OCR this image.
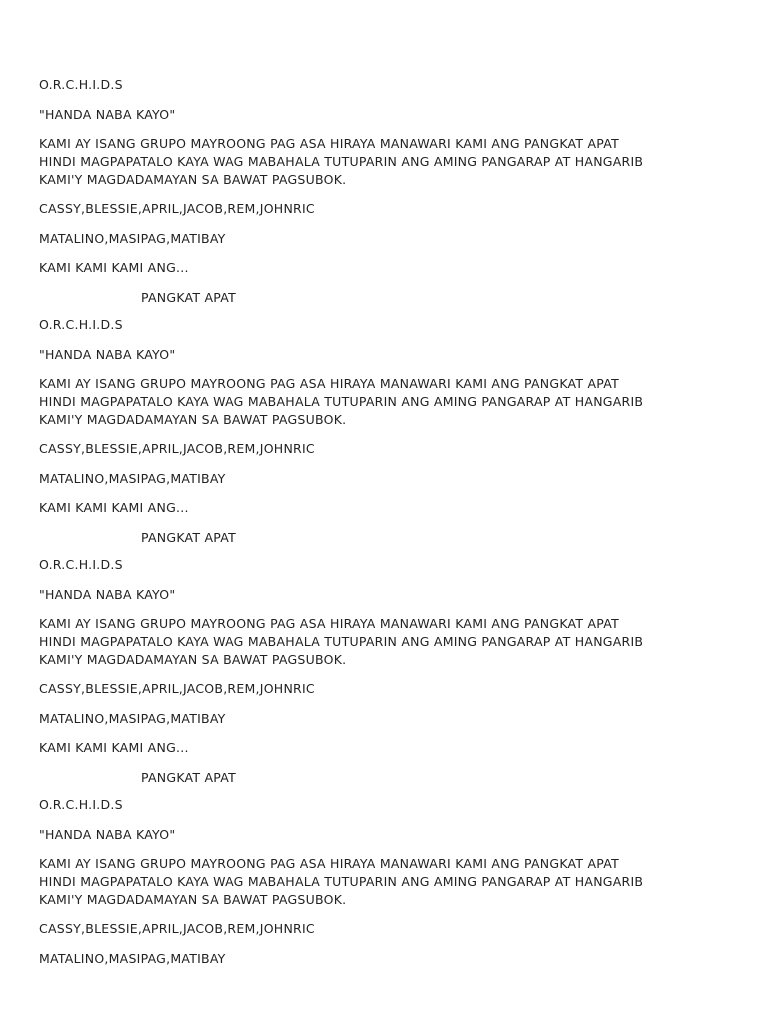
O.R.C.H.I.D.S

"HANDA NABA KAYO"

KAMI AY ISANG GRUPO MAYROONG PAG ASA HIRAYA MANAWARI KAMI ANG PANGKAT APAT
HINDI MAGPAPATALO KAYA WAG MABAHALA TUTUPARIN ANG AMING PANGARAP AT HANGARIB
KAMI'Y MAGDADAMAYAN SA BAWAT PAGSUBOK.

CASSY,BLESSIE,APRIL,JACOB,REM,JOHNRIC

MATALINO,MASIPAG,MATIBAY

KAMI KAMI KAMI ANG...

PANGKAT APAT

O.R.C.H.I.D.S

"HANDA NABA KAYO"

KAMI AY ISANG GRUPO MAYROONG PAG ASA HIRAYA MANAWARI KAMI ANG PANGKAT APAT
HINDI MAGPAPATALO KAYA WAG MABAHALA TUTUPARIN ANG AMING PANGARAP AT HANGARIB
KAMI'Y MAGDADAMAYAN SA BAWAT PAGSUBOK.

CASSY,BLESSIE,APRIL,JACOB,REM,JOHNRIC

MATALINO,MASIPAG,MATIBAY

KAMI KAMI KAMI ANG...

PANGKAT APAT

O.R.C.H.I.D.S

"HANDA NABA KAYO"

KAMI AY ISANG GRUPO MAYROONG PAG ASA HIRAYA MANAWARI KAMI ANG PANGKAT APAT
HINDI MAGPAPATALO KAYA WAG MABAHALA TUTUPARIN ANG AMING PANGARAP AT HANGARIB
KAMI'Y MAGDADAMAYAN SA BAWAT PAGSUBOK.

CASSY,BLESSIE,APRIL,JACOB,REM,JOHNRIC

MATALINO,MASIPAG,MATIBAY

KAMI KAMI KAMI ANG...

PANGKAT APAT

O.R.C.H.I.D.S

"HANDA NABA KAYO"

KAMI AY ISANG GRUPO MAYROONG PAG ASA HIRAYA MANAWARI KAMI ANG PANGKAT APAT
HINDI MAGPAPATALO KAYA WAG MABAHALA TUTUPARIN ANG AMING PANGARAP AT HANGARIB
KAMI'Y MAGDADAMAYAN SA BAWAT PAGSUBOK.

CASSY,BLESSIE,APRIL,JACOB,REM,JOHNRIC

MATALINO,MASIPAG,MATIBAY
